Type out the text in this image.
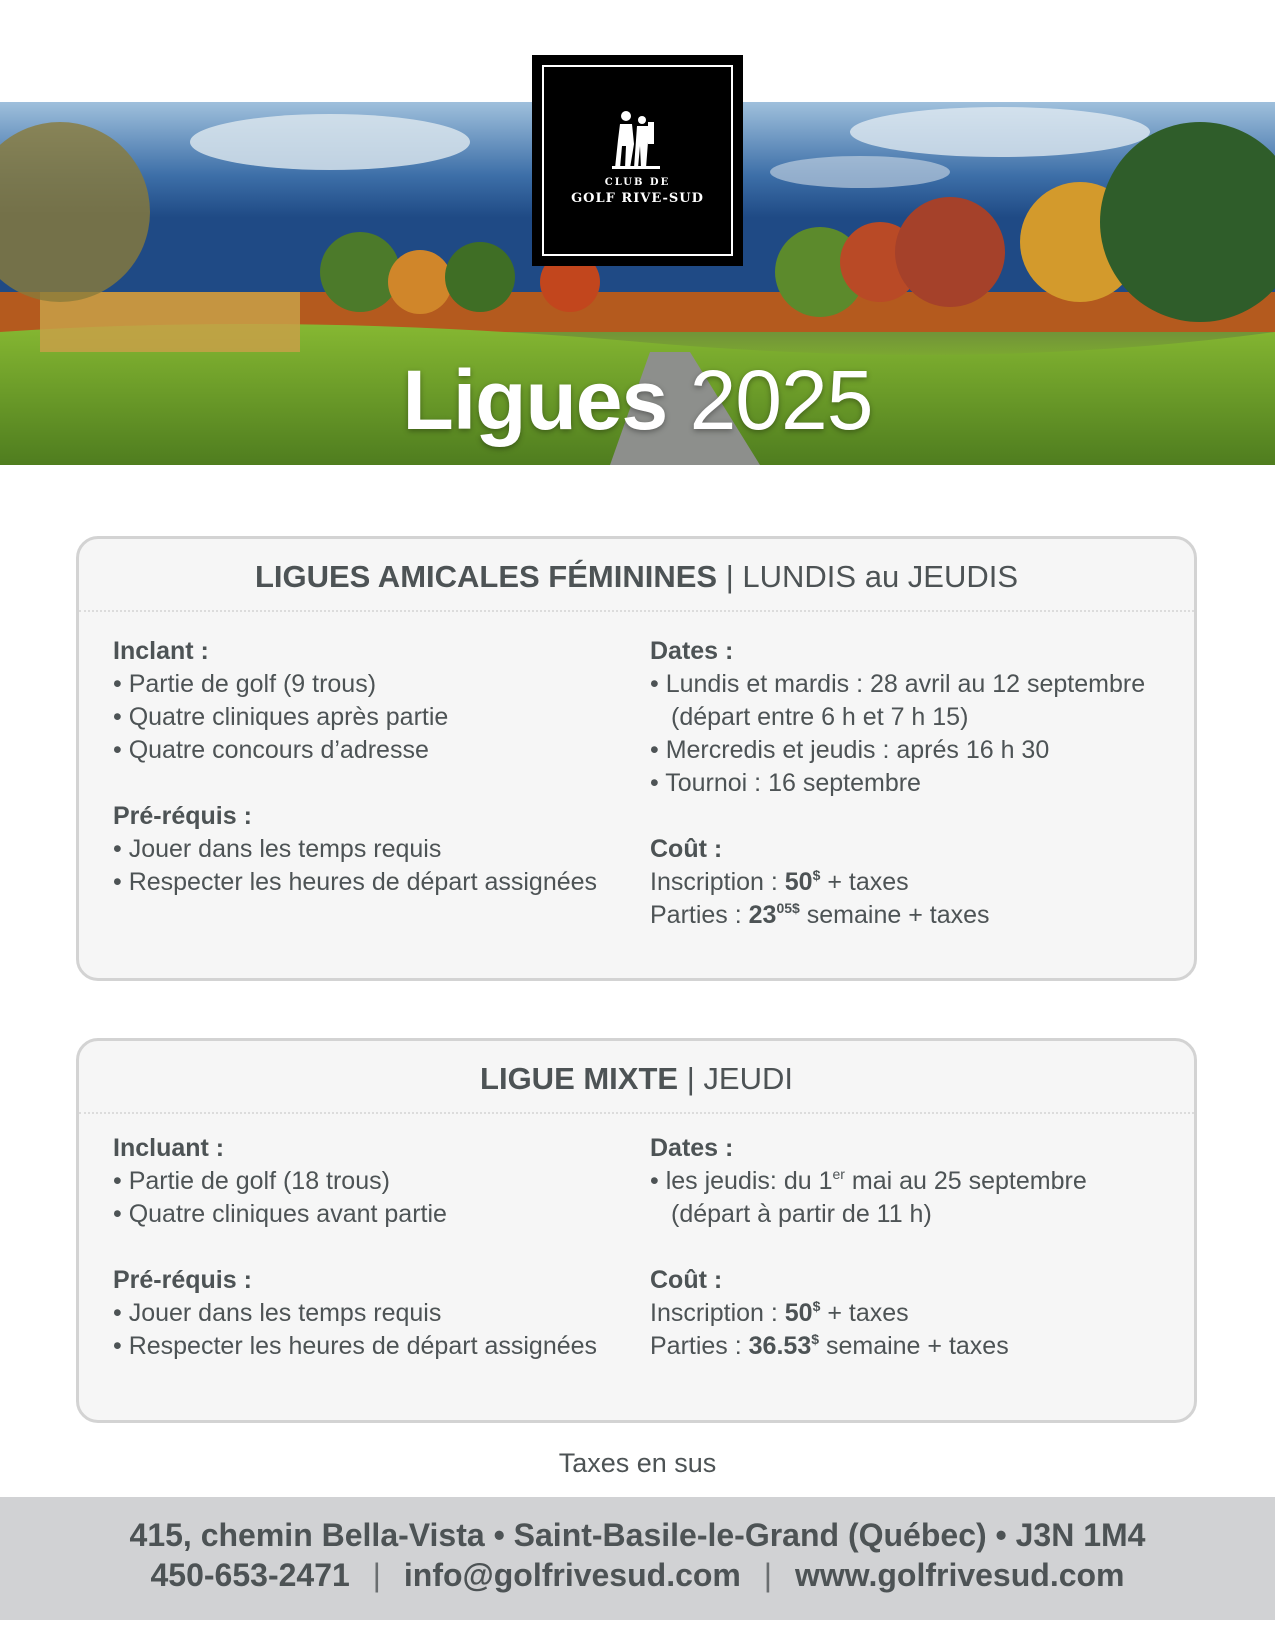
Ligues 2025
CLUB DE
GOLF RIVE-SUD
LIGUES AMICALES FÉMININES | LUNDIS au JEUDIS
Inclant :
• Partie de golf (9 trous)
• Quatre cliniques après partie
• Quatre concours d’adresse
Pré-réquis :
• Jouer dans les temps requis
• Respecter les heures de départ assignées
Dates :
• Lundis et mardis : 28 avril au 12 septembre
(départ entre 6 h et 7 h 15)
• Mercredis et jeudis : aprés 16 h 30
• Tournoi : 16 septembre
Coût :
Inscription : 50$ + taxes
Parties : $23^{05\$}$ semaine + taxes
LIGUE MIXTE | JEUDI
Incluant :
• Partie de golf (18 trous)
• Quatre cliniques avant partie
Pré-réquis :
• Jouer dans les temps requis
• Respecter les heures de départ assignées
Dates :
• les jeudis: du 1er mai au 25 septembre
(départ à partir de 11 h)
Coût :
Inscription : 50$ + taxes
Parties : 36.53$ semaine + taxes
Taxes en sus
415, chemin Bella-Vista • Saint-Basile-le-Grand (Québec) • J3N 1M4
450-653-2471 | info@golfrivesud.com | www.golfrivesud.com
